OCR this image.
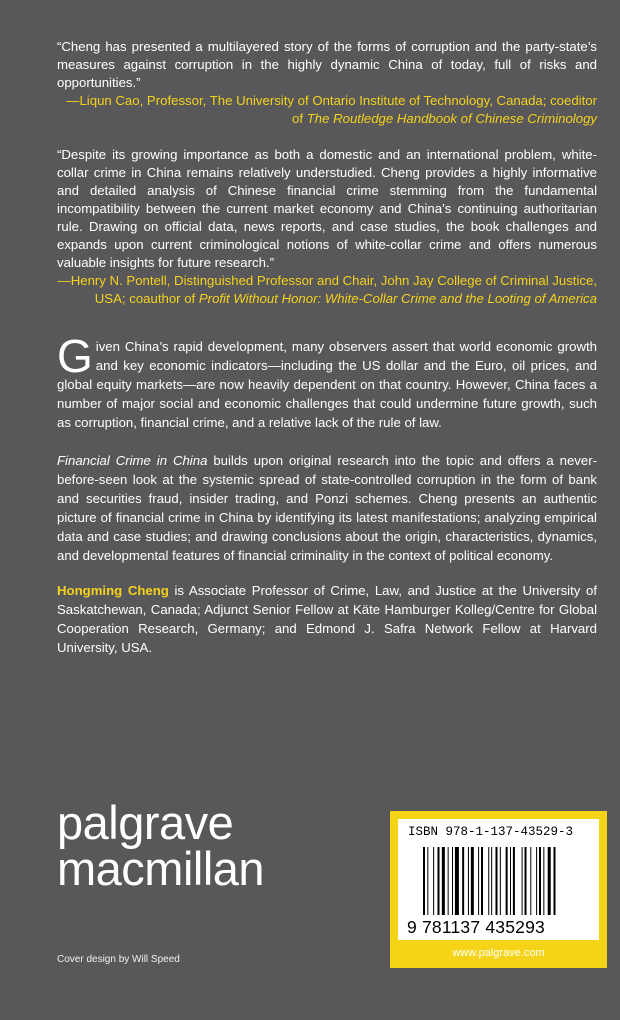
“Cheng has presented a multilayered story of the forms of corruption and the party-state’s measures against corruption in the highly dynamic China of today, full of risks and opportunities.”

—Liqun Cao, Professor, The University of Ontario Institute of Technology, Canada; coeditor of The Routledge Handbook of Chinese Criminology

“Despite its growing importance as both a domestic and an international problem, white-collar crime in China remains relatively understudied. Cheng provides a highly informative and detailed analysis of Chinese financial crime stemming from the fundamental incompatibility between the current market economy and China’s continuing authoritarian rule. Drawing on official data, news reports, and case studies, the book challenges and expands upon current criminological notions of white-collar crime and offers numerous valuable insights for future research.”

—Henry N. Pontell, Distinguished Professor and Chair, John Jay College of Criminal Justice, USA; coauthor of Profit Without Honor: White-Collar Crime and the Looting of America

Given China’s rapid development, many observers assert that world economic growth and key economic indicators—including the US dollar and the Euro, oil prices, and global equity markets—are now heavily dependent on that country. However, China faces a number of major social and economic challenges that could undermine future growth, such as corruption, financial crime, and a relative lack of the rule of law.

Financial Crime in China builds upon original research into the topic and offers a never-before-seen look at the systemic spread of state-controlled corruption in the form of bank and securities fraud, insider trading, and Ponzi schemes. Cheng presents an authentic picture of financial crime in China by identifying its latest manifestations; analyzing empirical data and case studies; and drawing conclusions about the origin, characteristics, dynamics, and developmental features of financial criminality in the context of political economy.

Hongming Cheng is Associate Professor of Crime, Law, and Justice at the University of Saskatchewan, Canada; Adjunct Senior Fellow at Käte Hamburger Kolleg/Centre for Global Cooperation Research, Germany; and Edmond J. Safra Network Fellow at Harvard University, USA.

palgrave
macmillan
Cover design by Will Speed
ISBN 978-1-137-43529-3
9 781137 435293
www.palgrave.com
